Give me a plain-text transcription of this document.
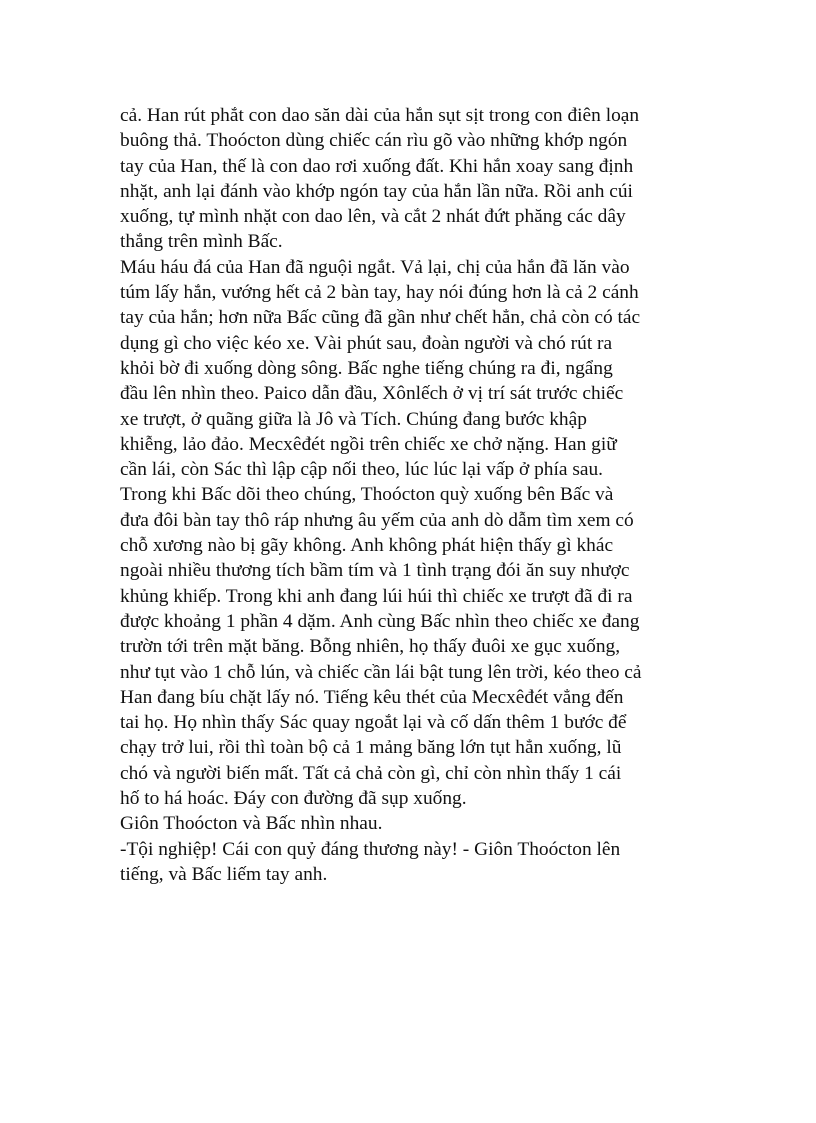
cả. Han rút phắt con dao săn dài của hắn sụt sịt trong con điên loạn
buông thả. Thoócton dùng chiếc cán rìu gõ vào những khớp ngón
tay của Han, thế là con dao rơi xuống đất. Khi hắn xoay sang định
nhặt, anh lại đánh vào khớp ngón tay của hắn lần nữa. Rồi anh cúi
xuống, tự mình nhặt con dao lên, và cắt 2 nhát đứt phăng các dây
thắng trên mình Bấc.
Máu háu đá của Han đã nguội ngắt. Vả lại, chị của hắn đã lăn vào
túm lấy hắn, vướng hết cả 2 bàn tay, hay nói đúng hơn là cả 2 cánh
tay của hắn; hơn nữa Bấc cũng đã gần như chết hẳn, chả còn có tác
dụng gì cho việc kéo xe. Vài phút sau, đoàn người và chó rút ra
khỏi bờ đi xuống dòng sông. Bấc nghe tiếng chúng ra đi, ngẩng
đầu lên nhìn theo. Paico dẫn đầu, Xônlếch ở vị trí sát trước chiếc
xe trượt, ở quãng giữa là Jô và Tích. Chúng đang bước khập
khiễng, lảo đảo. Mecxêđét ngồi trên chiếc xe chở nặng. Han giữ
cần lái, còn Sác thì lập cập nối theo, lúc lúc lại vấp ở phía sau.
Trong khi Bấc dõi theo chúng, Thoócton quỳ xuống bên Bấc và
đưa đôi bàn tay thô ráp nhưng âu yếm của anh dò dẫm tìm xem có
chỗ xương nào bị gãy không. Anh không phát hiện thấy gì khác
ngoài nhiều thương tích bầm tím và 1 tình trạng đói ăn suy nhược
khủng khiếp. Trong khi anh đang lúi húi thì chiếc xe trượt đã đi ra
được khoảng 1 phần 4 dặm. Anh cùng Bấc nhìn theo chiếc xe đang
trườn tới trên mặt băng. Bỗng nhiên, họ thấy đuôi xe gục xuống,
như tụt vào 1 chỗ lún, và chiếc cần lái bật tung lên trời, kéo theo cả
Han đang bíu chặt lấy nó. Tiếng kêu thét của Mecxêđét vẳng đến
tai họ. Họ nhìn thấy Sác quay ngoắt lại và cố dấn thêm 1 bước để
chạy trở lui, rồi thì toàn bộ cả 1 mảng băng lớn tụt hẳn xuống, lũ
chó và người biến mất. Tất cả chả còn gì, chỉ còn nhìn thấy 1 cái
hố to há hoác. Đáy con đường đã sụp xuống.
Giôn Thoócton và Bấc nhìn nhau.
-Tội nghiệp! Cái con quỷ đáng thương này! - Giôn Thoócton lên
tiếng, và Bấc liếm tay anh.
